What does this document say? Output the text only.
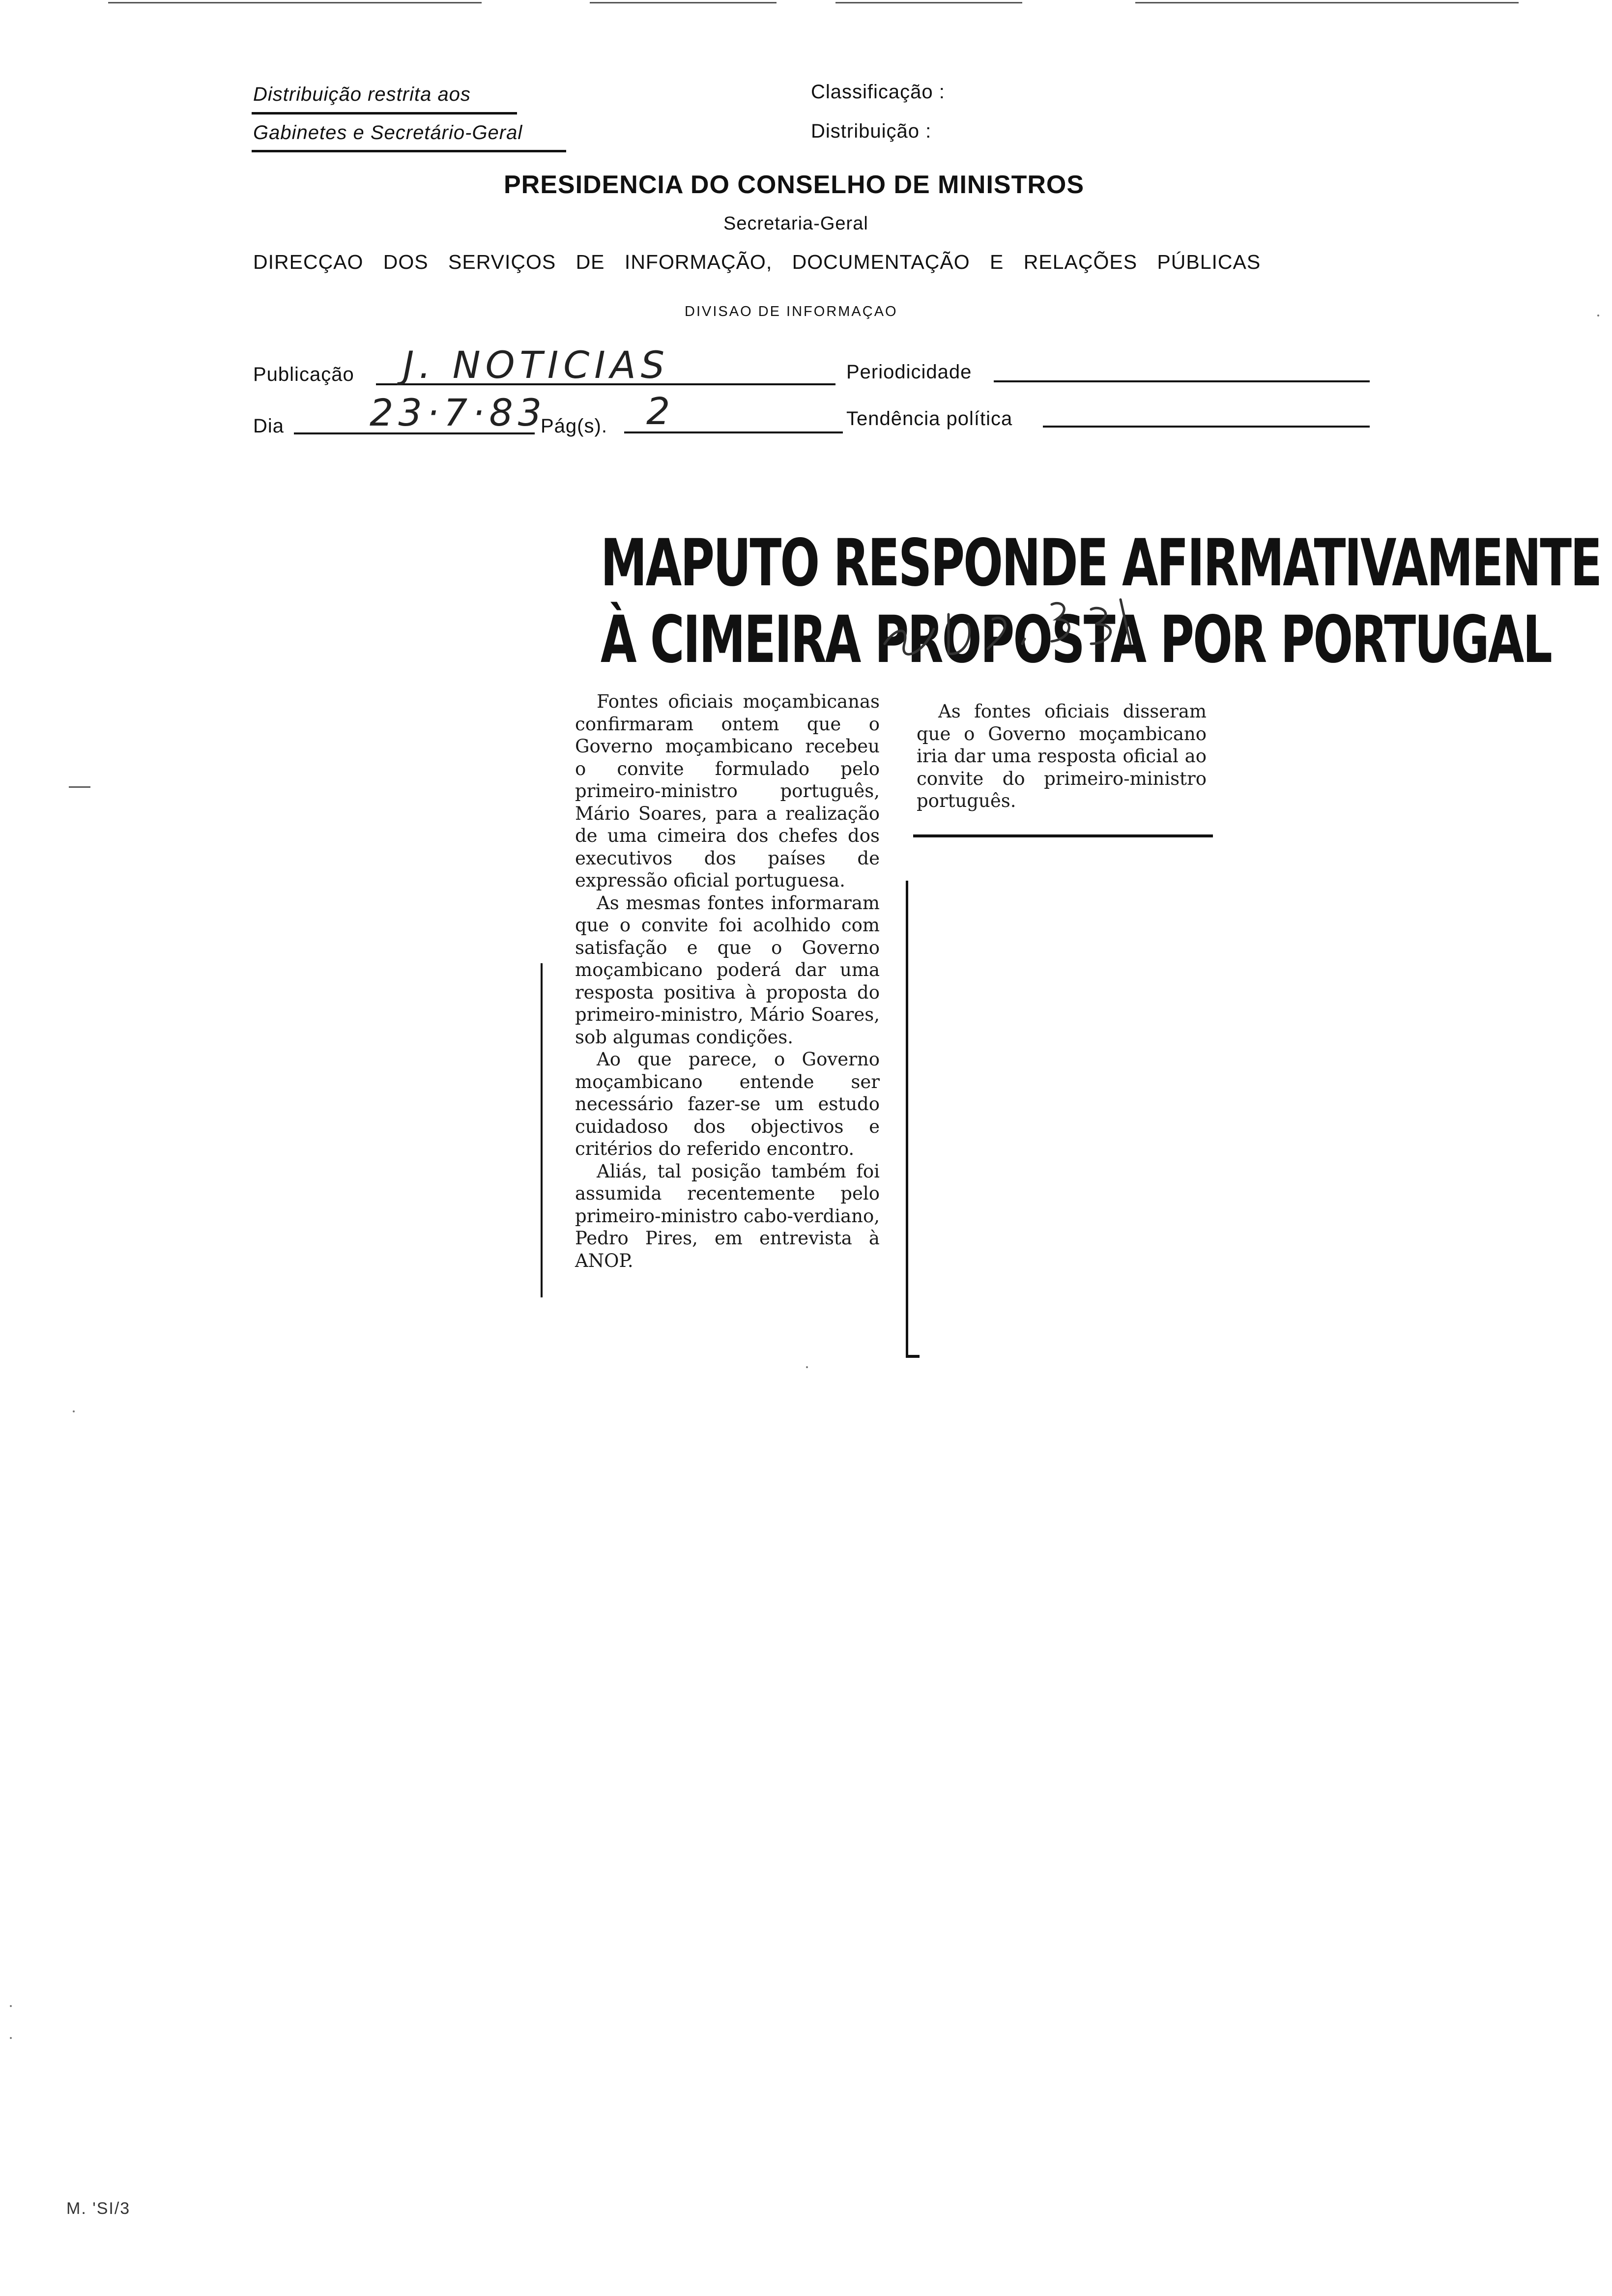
Distribuição restrita aos
Gabinetes e Secretário-Geral
Classificação :
Distribuição :
PRESIDENCIA DO CONSELHO DE MINISTROS
Secretaria-Geral
DIRECÇAO DOS SERVIÇOS DE INFORMAÇÃO, DOCUMENTAÇÃO E RELAÇÕES PÚBLICAS
DIVISAO DE INFORMAÇAO
Publicação J. NOTICIAS	Periodicidade
Dia 23·7·83
Pág(s). 2	Tendência política
MAPUTO RESPONDE AFIRMATIVAMENTE
À CIMEIRA PROPOSTA POR PORTUGAL

Fontes oficiais moçambicanas confirmaram ontem que o Governo moçambicano recebeu o convite formulado pelo primeiro-ministro português, Mário Soares, para a realização de uma cimeira dos chefes dos executivos dos países de expressão oficial portuguesa.

As mesmas fontes informaram que o convite foi acolhido com satisfação e que o Governo moçambicano poderá dar uma resposta positiva à proposta do primeiro-ministro, Mário Soares, sob algumas condições.

Ao que parece, o Governo moçambicano entende ser necessário fazer-se um estudo cuidadoso dos objectivos e critérios do referido encontro.

Aliás, tal posição também foi assumida recentemente pelo primeiro-ministro cabo-verdiano, Pedro Pires, em entrevista à ANOP.

As fontes oficiais disseram que o Governo moçambicano iria dar uma resposta oficial ao convite do primeiro-ministro português.

M. 'SI/3
